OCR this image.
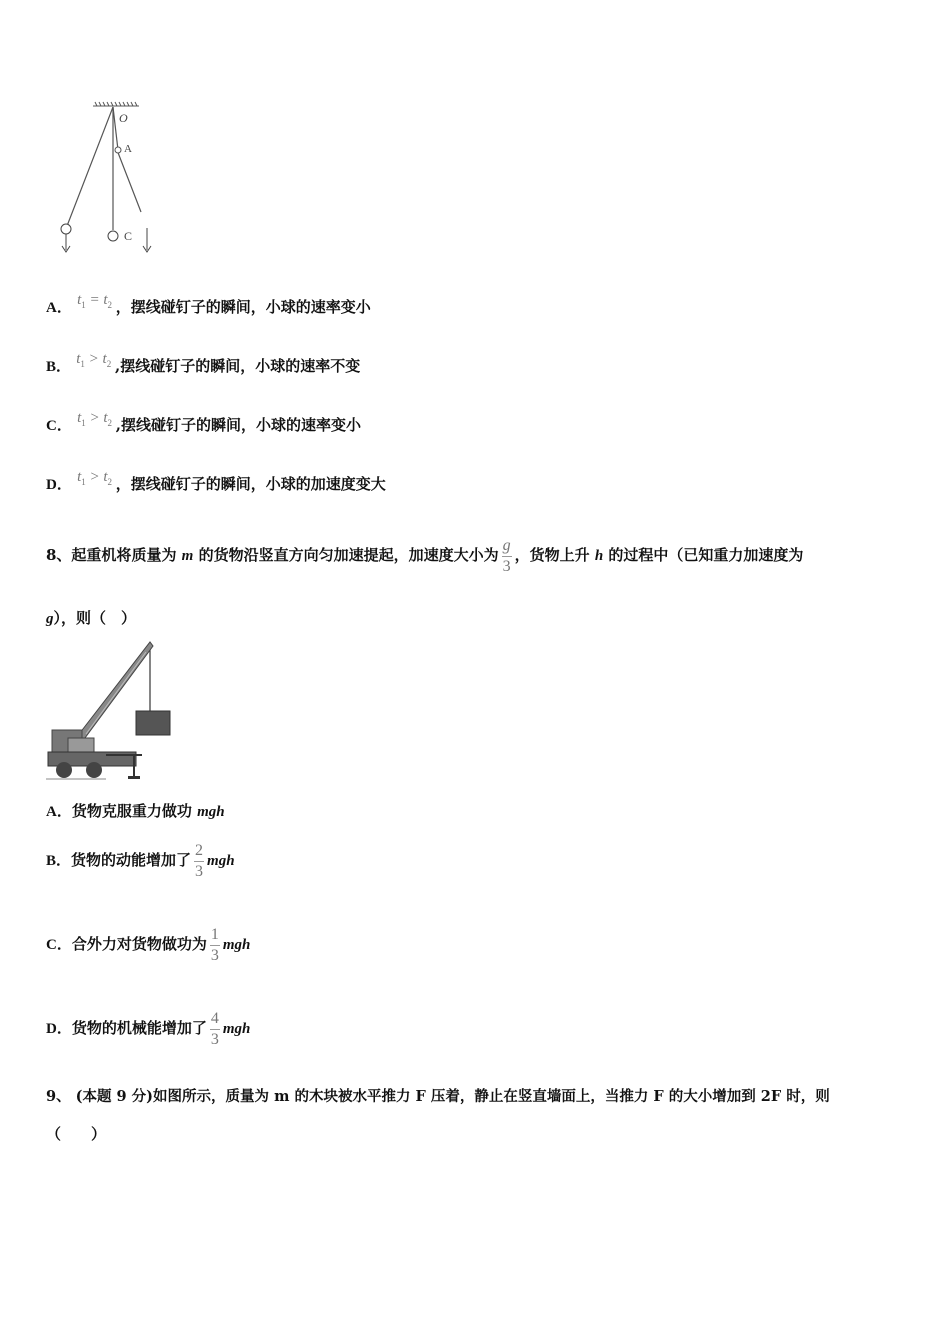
O
A
C
A． $t_1 = t_2$ ，摆线碰钉子的瞬间，小球的速率变小
B． $t_1 > t_2$ ,摆线碰钉子的瞬间，小球的速率不变
C． $t_1 > t_2$ ,摆线碰钉子的瞬间，小球的速率变小
D． $t_1 > t_2$ ，摆线碰钉子的瞬间，小球的加速度变大
8、起重机将质量为 m 的货物沿竖直方向匀加速提起，加速度大小为 $\frac{g}{3}$ ，货物上升 h 的过程中（已知重力加速度为
g），则（　）
A．货物克服重力做功 mgh
B．货物的动能增加了 $\frac{2}{3}$ mgh
C．合外力对货物做功为 $\frac{1}{3}$ mgh
D．货物的机械能增加了 $\frac{4}{3}$ mgh
9、 (本题 9 分)如图所示，质量为 m 的木块被水平推力 F 压着，静止在竖直墙面上，当推力 F 的大小增加到 2F 时，则
（　　）
